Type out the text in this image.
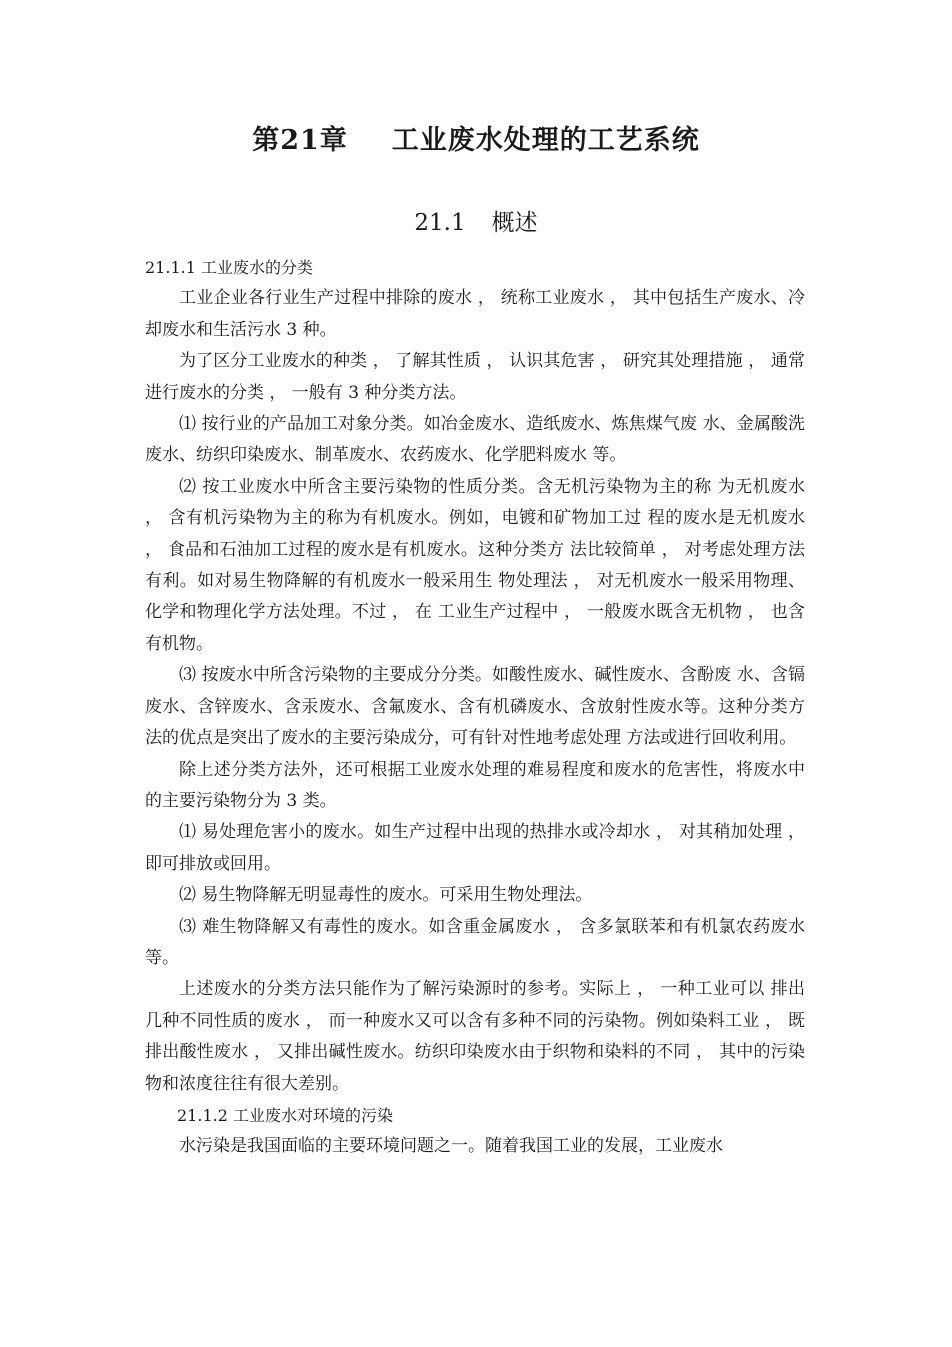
第21章 工业废水处理的工艺系统
21.1 概述
21.1.1 工业废水的分类

工业企业各行业生产过程中排除的废水 ， 统称工业废水 ， 其中包括生产废水、冷却废水和生活污水 3 种。

为了区分工业废水的种类 ， 了解其性质 ， 认识其危害 ， 研究其处理措施 ， 通常进行废水的分类 ， 一般有 3 种分类方法。

⑴ 按行业的产品加工对象分类。如冶金废水、造纸废水、炼焦煤气废 水、金属酸洗废水、纺织印染废水、制革废水、农药废水、化学肥料废水 等。

⑵ 按工业废水中所含主要污染物的性质分类。含无机污染物为主的称 为无机废水 ， 含有机污染物为主的称为有机废水。例如，电镀和矿物加工过 程的废水是无机废水 ， 食品和石油加工过程的废水是有机废水。这种分类方 法比较简单 ， 对考虑处理方法有利。如对易生物降解的有机废水一般采用生 物处理法 ， 对无机废水一般采用物理、化学和物理化学方法处理。不过 ， 在 工业生产过程中 ， 一般废水既含无机物 ， 也含有机物。

⑶ 按废水中所含污染物的主要成分分类。如酸性废水、碱性废水、含酚废 水、含镉废水、含锌废水、含汞废水、含氟废水、含有机磷废水、含放射性废水等。这种分类方法的优点是突出了废水的主要污染成分，可有针对性地考虑处理 方法或进行回收利用。

除上述分类方法外，还可根据工业废水处理的难易程度和废水的危害性，将废水中的主要污染物分为 3 类。

⑴ 易处理危害小的废水。如生产过程中出现的热排水或冷却水 ， 对其稍加处理 ， 即可排放或回用。

⑵ 易生物降解无明显毒性的废水。可采用生物处理法。

⑶ 难生物降解又有毒性的废水。如含重金属废水 ， 含多氯联苯和有机氯农药废水等。

上述废水的分类方法只能作为了解污染源时的参考。实际上 ， 一种工业可以 排出几种不同性质的废水 ， 而一种废水又可以含有多种不同的污染物。例如染料工业 ， 既排出酸性废水 ， 又排出碱性废水。纺织印染废水由于织物和染料的不同 ， 其中的污染物和浓度往往有很大差别。

21.1.2 工业废水对环境的污染

水污染是我国面临的主要环境问题之一。随着我国工业的发展，工业废水
